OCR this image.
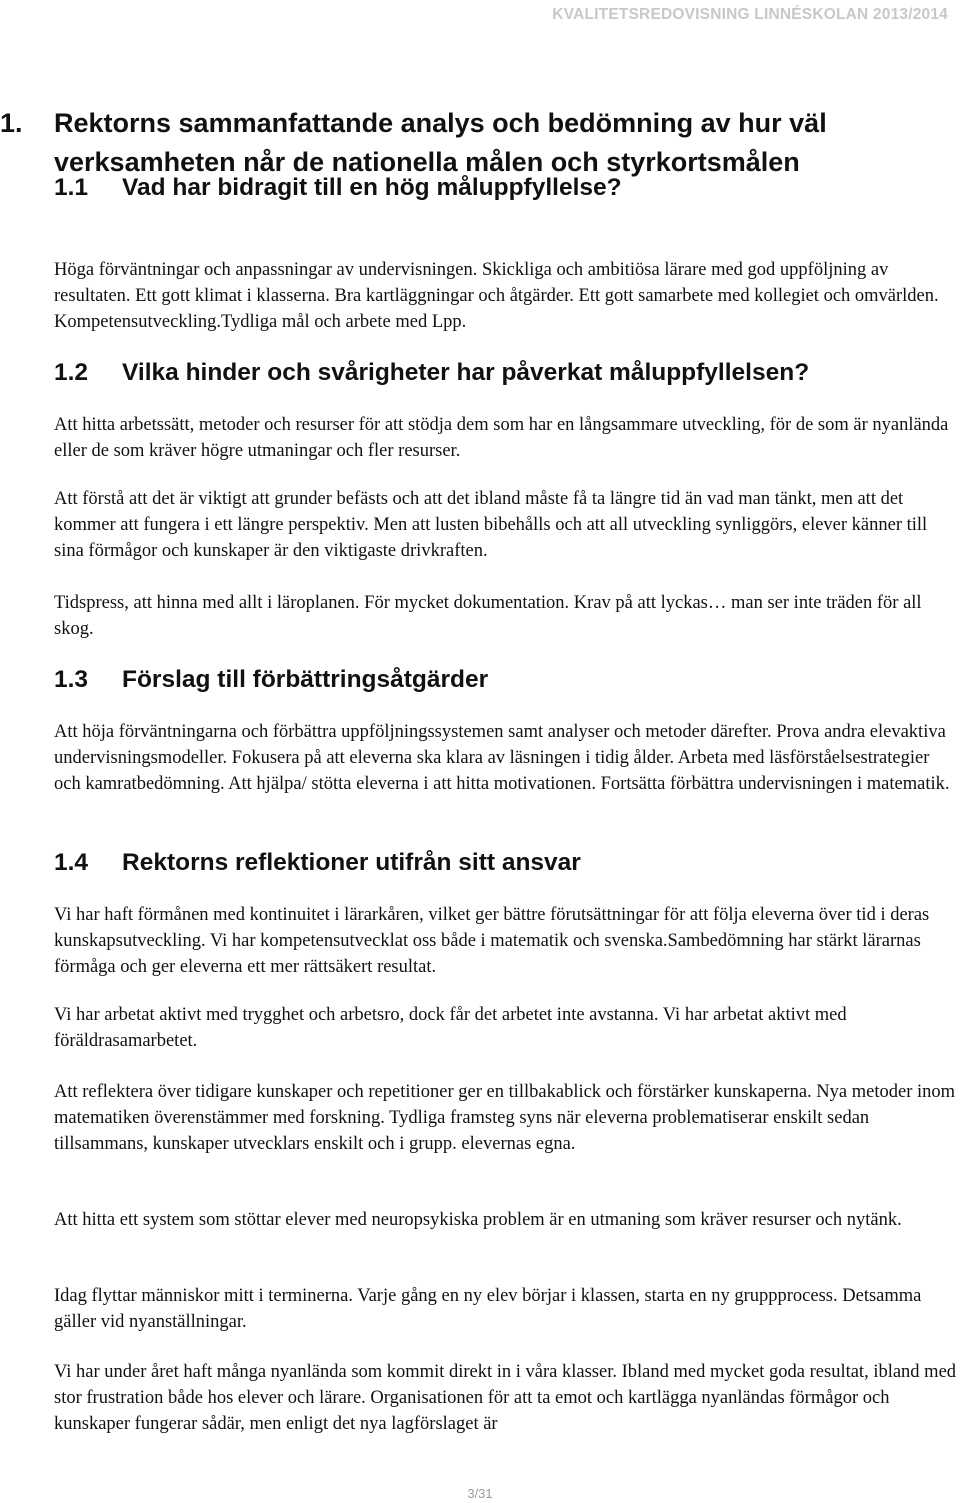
KVALITETSREDOVISNING LINNÉSKOLAN 2013/2014
1. Rektorns sammanfattande analys och bedömning av hur väl verksamheten når de nationella målen och styrkortsmålen
1.1 Vad har bidragit till en hög måluppfyllelse?

Höga förväntningar och anpassningar av undervisningen. Skickliga och ambitiösa lärare med god uppföljning av resultaten. Ett gott klimat i klasserna. Bra kartläggningar och åtgärder. Ett gott samarbete med kollegiet och omvärlden. Kompetensutveckling.Tydliga mål och arbete med Lpp.

1.2 Vilka hinder och svårigheter har påverkat måluppfyllelsen?

Att hitta arbetssätt, metoder och resurser för att stödja dem som har en långsammare utveckling, för de som är nyanlända eller de som kräver högre utmaningar och fler resurser.

Att förstå att det är viktigt att grunder befästs och att det ibland måste få ta längre tid än vad man tänkt, men att det kommer att fungera i ett längre perspektiv. Men att lusten bibehålls och att all utveckling synliggörs, elever känner till sina förmågor och kunskaper är den viktigaste drivkraften.

Tidspress, att hinna med allt i läroplanen. För mycket dokumentation. Krav på att lyckas… man ser inte träden för all skog.

1.3 Förslag till förbättringsåtgärder

Att höja förväntningarna och förbättra uppföljningssystemen samt analyser och metoder därefter. Prova andra elevaktiva undervisningsmodeller. Fokusera på att eleverna ska klara av läsningen i tidig ålder. Arbeta med läsförståelsestrategier och kamratbedömning. Att hjälpa/ stötta eleverna i att hitta motivationen. Fortsätta förbättra undervisningen i matematik.

1.4 Rektorns reflektioner utifrån sitt ansvar

Vi har haft förmånen med kontinuitet i lärarkåren, vilket ger bättre förutsättningar för att följa eleverna över tid i deras kunskapsutveckling. Vi har kompetensutvecklat oss både i matematik och svenska.Sambedömning har stärkt lärarnas förmåga och ger eleverna ett mer rättsäkert resultat.

Vi har arbetat aktivt med trygghet och arbetsro, dock får det arbetet inte avstanna. Vi har arbetat aktivt med föräldrasamarbetet.

Att reflektera över tidigare kunskaper och repetitioner ger en tillbakablick och förstärker kunskaperna. Nya metoder inom matematiken överenstämmer med forskning. Tydliga framsteg syns när eleverna problematiserar enskilt sedan tillsammans, kunskaper utvecklars enskilt och i grupp. elevernas egna.

Att hitta ett system som stöttar elever med neuropsykiska problem är en utmaning som kräver resurser och nytänk.

Idag flyttar människor mitt i terminerna. Varje gång en ny elev börjar i klassen, starta en ny gruppprocess. Detsamma gäller vid nyanställningar.

Vi har under året haft många nyanlända som kommit direkt in i våra klasser. Ibland med mycket goda resultat, ibland med stor frustration både hos elever och lärare. Organisationen för att ta emot och kartlägga nyanländas förmågor och kunskaper fungerar sådär, men enligt det nya lagförslaget är

3/31
